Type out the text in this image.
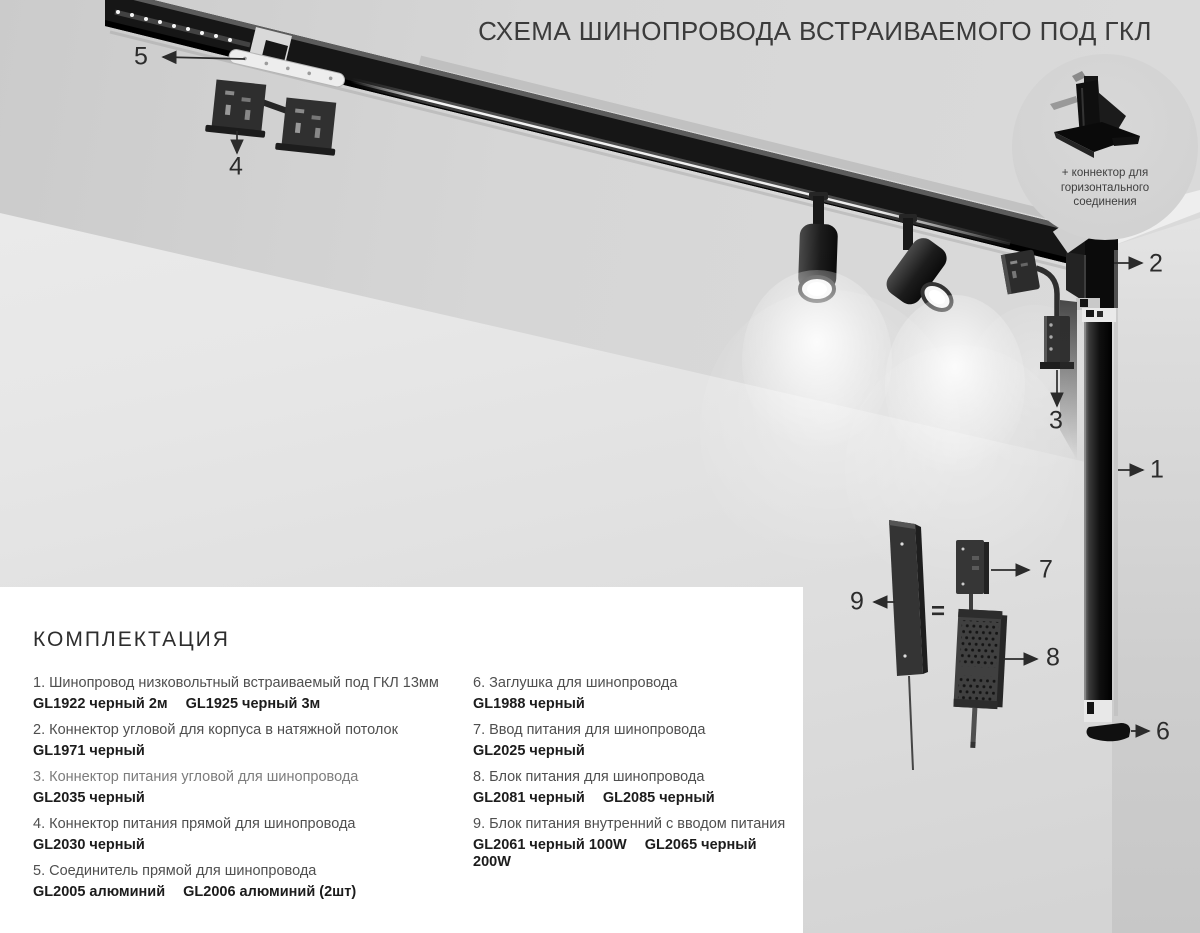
СХЕМА ШИНОПРОВОДА ВСТРАИВАЕМОГО ПОД ГКЛ
1
2
3
4
5
6
7
8
9	=
+ коннектор для
горизонтального
соединения
КОМПЛЕКТАЦИЯ

1. Шинопровод низковольтный встраиваемый под ГКЛ 13мм

GL1922 черный 2м GL1925 черный 3м

2. Коннектор угловой для корпуса в натяжной потолок

GL1971 черный

3. Коннектор питания угловой для шинопровода

GL2035 черный

4. Коннектор питания прямой для шинопровода

GL2030 черный

5. Соединитель прямой для шинопровода

GL2005 алюминий GL2006 алюминий (2шт)

6. Заглушка для шинопровода

GL1988 черный

7. Ввод питания для шинопровода

GL2025 черный

8. Блок питания для шинопровода

GL2081 черный GL2085 черный

9. Блок питания внутренний с вводом питания

GL2061 черный 100W GL2065 черный 200W
